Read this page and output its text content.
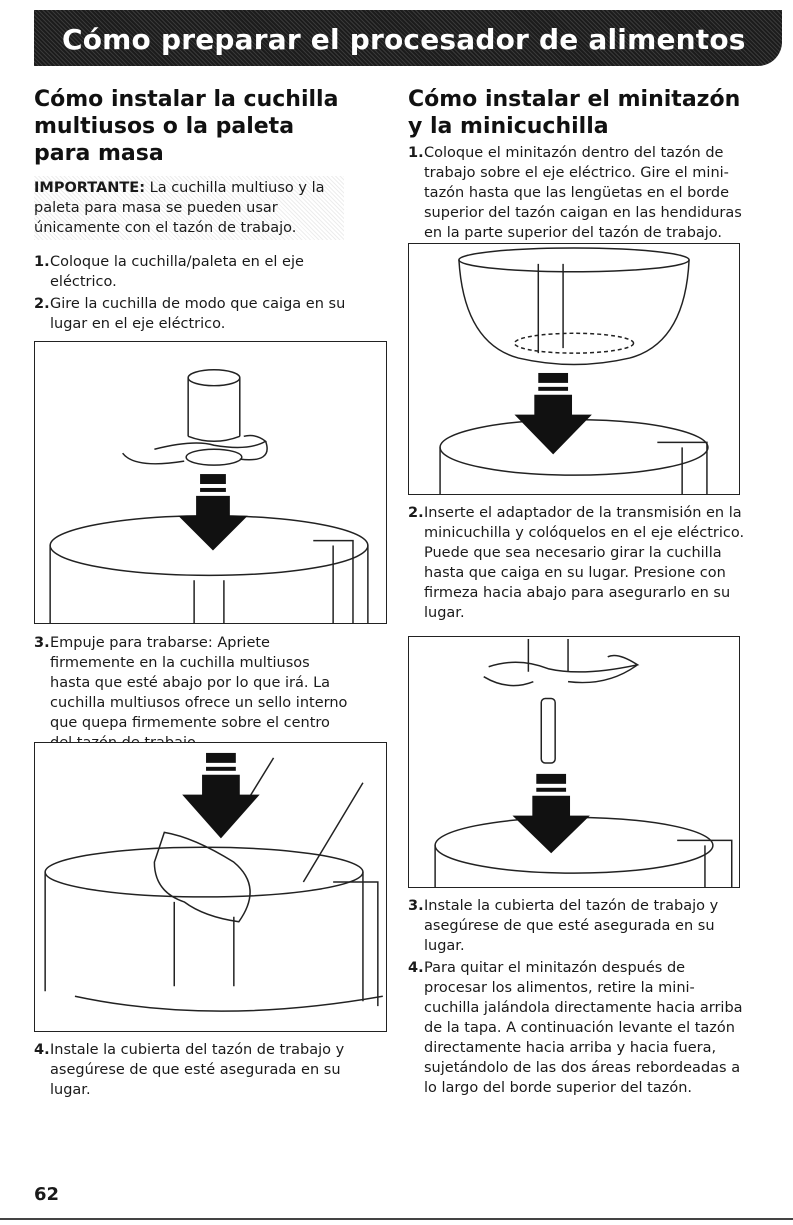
Cómo preparar el procesador de alimentos
Cómo instalar la cuchilla multiusos o la paleta para masa
IMPORTANTE: La cuchilla multiuso y la paleta para masa se pueden usar únicamente con el tazón de trabajo.

1. Coloque la cuchilla/paleta en el eje eléctrico.

2. Gire la cuchilla de modo que caiga en su lugar en el eje eléctrico.

3. Empuje para trabarse: Apriete firmemente en la cuchilla multiusos hasta que esté abajo por lo que irá. La cuchilla multiusos ofrece un sello interno que quepa firmemente sobre el centro

4. Instale la cubierta del tazón de trabajo y asegúrese de que esté asegurada en su lugar.

Cómo instalar el minitazón y la minicuchilla

1. Coloque el minitazón dentro del tazón de trabajo sobre el eje eléctrico. Gire el mini-tazón hasta que las lengüetas en el borde superior del tazón caigan en las hendiduras en la parte superior del tazón de trabajo.

2. Inserte el adaptador de la transmisión en la minicuchilla y colóquelos en el eje eléctrico. Puede que sea necesario girar la cuchilla hasta que caiga en su lugar. Presione con firmeza hacia abajo para asegurarlo en su lugar.

3. Instale la cubierta del tazón de trabajo y asegúrese de que esté asegurada en su lugar.

4. Para quitar el minitazón después de procesar los alimentos, retire la mini-cuchilla jalándola directamente hacia arriba de la tapa. A continuación levante el tazón directamente hacia arriba y hacia fuera, sujetándolo de las dos áreas rebordeadas a lo largo del borde superior del tazón.

62
